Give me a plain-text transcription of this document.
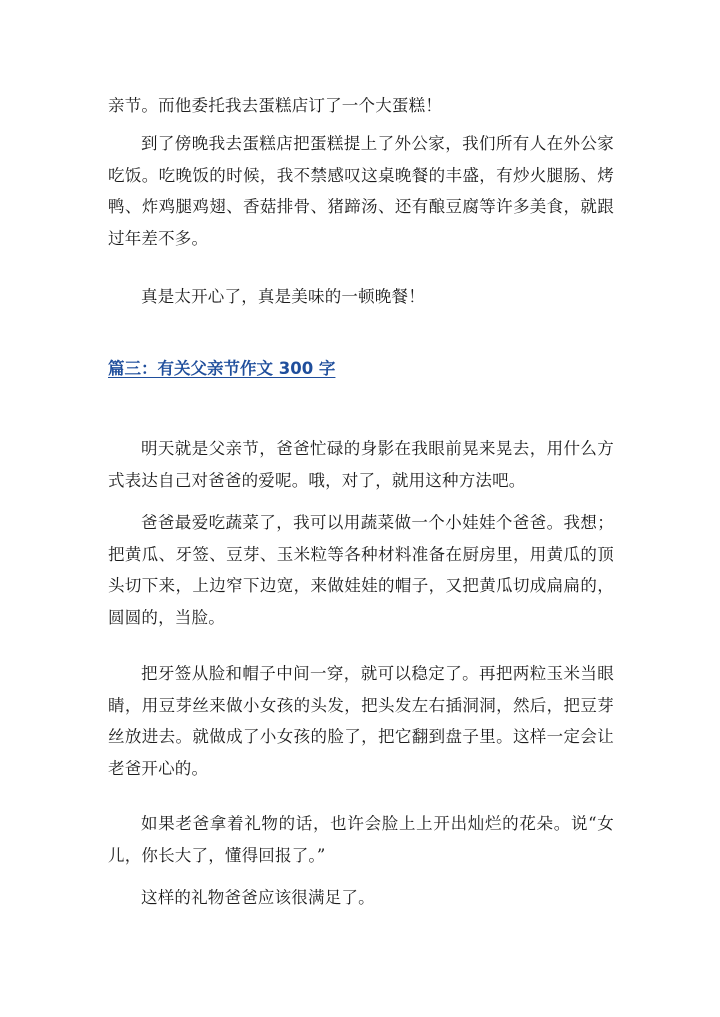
亲节。而他委托我去蛋糕店订了一个大蛋糕！

到了傍晚我去蛋糕店把蛋糕提上了外公家，我们所有人在外公家吃饭。吃晚饭的时候，我不禁感叹这桌晚餐的丰盛，有炒火腿肠、烤鸭、炸鸡腿鸡翅、香菇排骨、猪蹄汤、还有酿豆腐等许多美食，就跟过年差不多。

真是太开心了，真是美味的一顿晚餐！

篇三：有关父亲节作文 300 字

明天就是父亲节，爸爸忙碌的身影在我眼前晃来晃去，用什么方式表达自己对爸爸的爱呢。哦，对了，就用这种方法吧。

爸爸最爱吃蔬菜了，我可以用蔬菜做一个小娃娃个爸爸。我想；把黄瓜、牙签、豆芽、玉米粒等各种材料准备在厨房里，用黄瓜的顶头切下来，上边窄下边宽，来做娃娃的帽子，又把黄瓜切成扁扁的，圆圆的，当脸。

把牙签从脸和帽子中间一穿，就可以稳定了。再把两粒玉米当眼睛，用豆芽丝来做小女孩的头发，把头发左右插洞洞，然后，把豆芽丝放进去。就做成了小女孩的脸了，把它翻到盘子里。这样一定会让老爸开心的。

如果老爸拿着礼物的话，也许会脸上上开出灿烂的花朵。说“女儿，你长大了，懂得回报了。”

这样的礼物爸爸应该很满足了。
